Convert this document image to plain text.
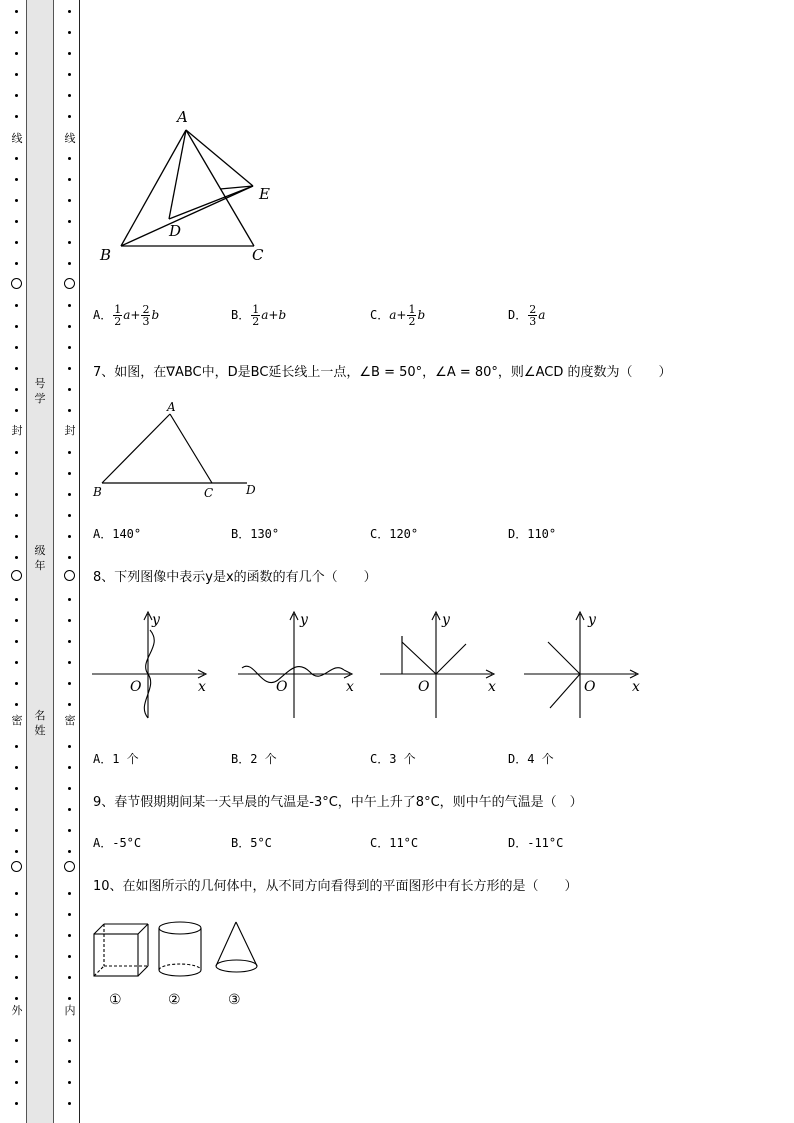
线
封
密
外
线
封
密
内
号学
级年
名姓
A
B	C
D
E
A． $\frac{1}{2} a+ \frac{2}{3}$ b	B． $\frac{1}{2} a+b$	C．$a+ \frac{1}{2}$ b	D． $\frac{2}{3}$ a
7、如图，在∇ABC中，D是BC延长线上一点，∠B = 50°，∠A = 80°，则∠ACD 的度数为（　　）
A
B	C	D
A．140°	B．130°	C．120°	D．110°
8、下列图像中表示y是x的函数的有几个（　　）
y
x
O
y
x
O
y
x
O
y
x
O
A．1 个	B．2 个	C．3 个	D．4 个
9、春节假期期间某一天早晨的气温是-3°C，中午上升了8°C，则中午的气温是（　）
A．-5°C	B．5°C	C．11°C	D．-11°C
10、在如图所示的几何体中，从不同方向看得到的平面图形中有长方形的是（　　）
①	②	③
